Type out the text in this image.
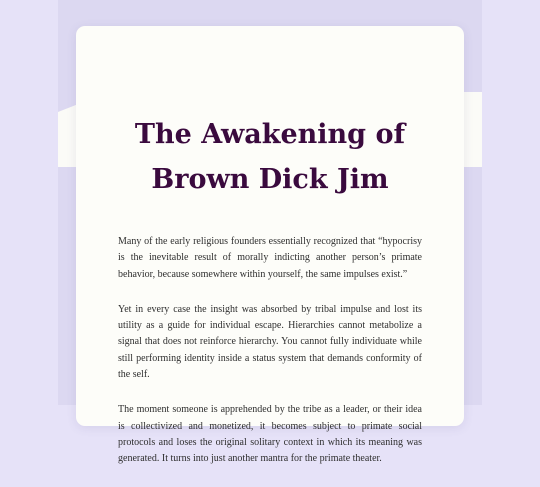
The Awakening of
Brown Dick Jim

Many of the early religious founders essentially recognized that “hypocrisy is the inevitable result of morally indicting another person’s primate behavior, because somewhere within yourself, the same impulses exist.”

Yet in every case the insight was absorbed by tribal impulse and lost its utility as a guide for individual escape. Hierarchies cannot metabolize a signal that does not reinforce hierarchy. You cannot fully individuate while still performing identity inside a status system that demands conformity of the self.

The moment someone is apprehended by the tribe as a leader, or their idea is collectivized and monetized, it becomes subject to primate social protocols and loses the original solitary context in which its meaning was generated. It turns into just another mantra for the primate theater.
